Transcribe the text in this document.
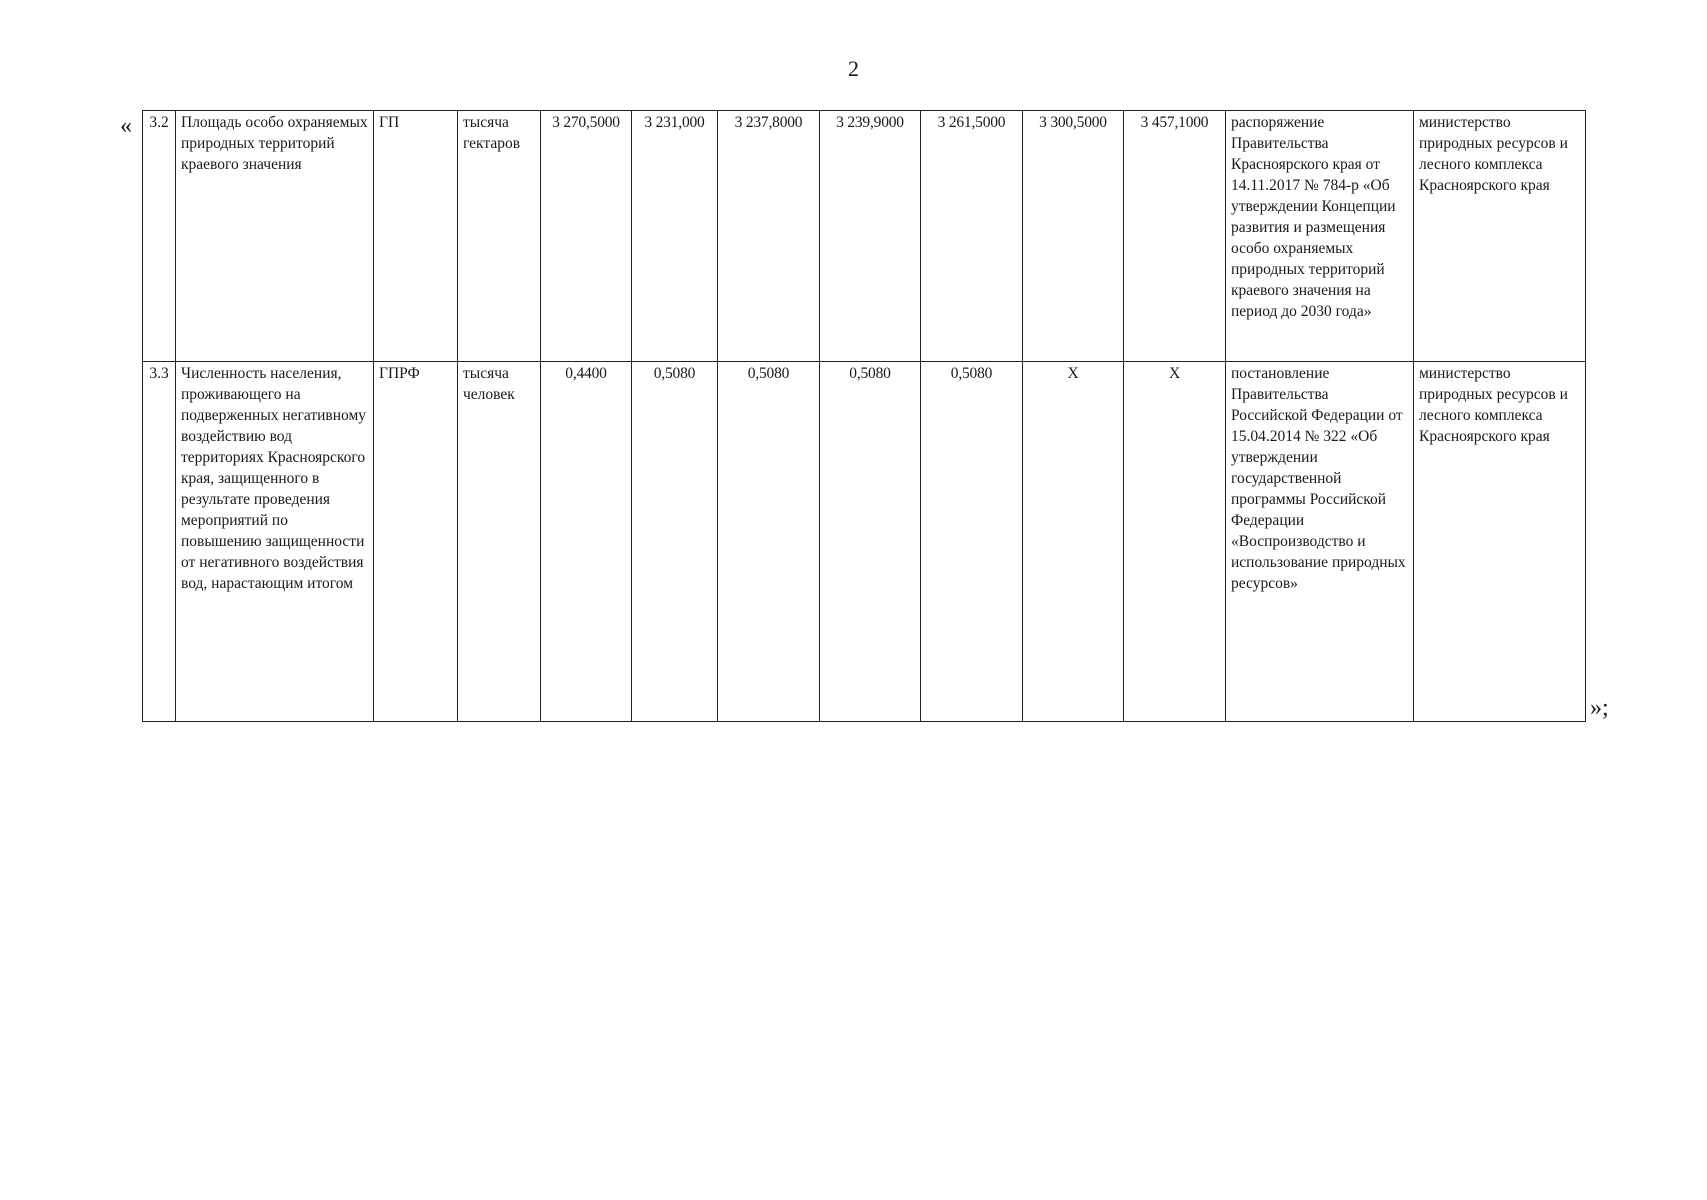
2
« 3.2	Площадь особо охраняемых природных территорий краевого значения	ГП	тысяча гектаров	3 270,5000	3 231,000	3 237,8000	3 239,9000	3 261,5000	3 300,5000	3 457,1000	распоряжение Правительства Красноярского края от 14.11.2017 № 784-р «Об утверждении Концепции развития и размещения особо охраняемых природных территорий краевого значения на период до 2030 года»	министерство природных ресурсов и лесного комплекса Красноярского края
3.3	Численность населения, проживающего на подверженных негативному воздействию вод территориях Красноярского края, защищенного в результате проведения мероприятий по повышению защищенности от негативного воздействия вод, нарастающим итогом	ГПРФ	тысяча человек	0,4400	0,5080	0,5080	0,5080	0,5080	Х	Х	постановление Правительства Российской Федерации от 15.04.2014 № 322 «Об утверждении государственной программы Российской Федерации «Воспроизводство и использование природных ресурсов»	министерство природных ресурсов и лесного комплекса Красноярского края
»;
